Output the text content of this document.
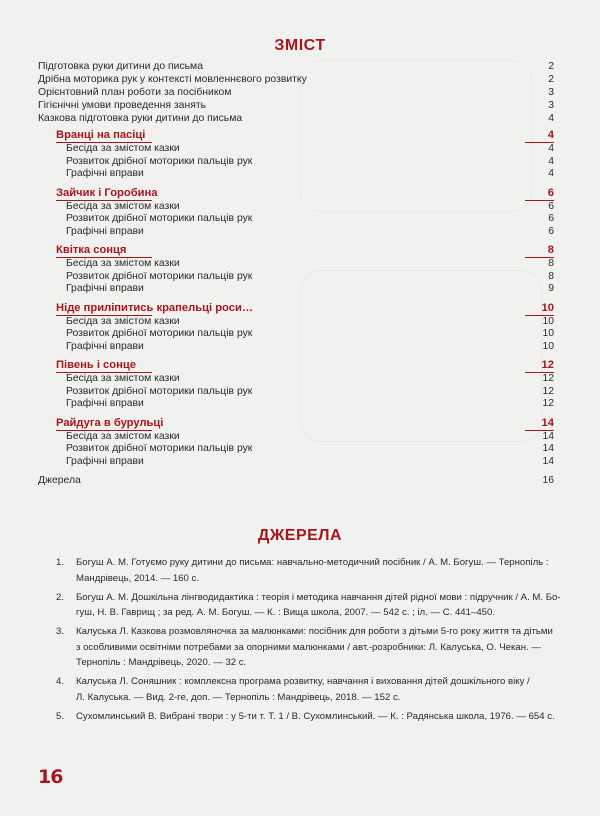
ЗМІСТ
Підготовка руки дитини до письма	2
Дрібна моторика рук у контексті мовленнєвого розвитку	2
Орієнтовний план роботи за посібником	3
Гігієнічні умови проведення занять	3
Казкова підготовка руки дитини до письма	4
Вранці на пасіці	4
Бесіда за змістом казки	4
Розвиток дрібної моторики пальців рук	4
Графічні вправи	4
Зайчик і Горобина	6
Бесіда за змістом казки	6
Розвиток дрібної моторики пальців рук	6
Графічні вправи	6
Квітка сонця	8
Бесіда за змістом казки	8
Розвиток дрібної моторики пальців рук	8
Графічні вправи	9
Ніде приліпитись крапельці роси…	10
Бесіда за змістом казки	10
Розвиток дрібної моторики пальців рук	10
Графічні вправи	10
Півень і сонце	12
Бесіда за змістом казки	12
Розвиток дрібної моторики пальців рук	12
Графічні вправи	12
Райдуга в бурульці	14
Бесіда за змістом казки	14
Розвиток дрібної моторики пальців рук	14
Графічні вправи	14
Джерела	16
ДЖЕРЕЛА
1. Богуш А. М. Готуємо руку дитини до письма: навчально-методичний посібник / А. М. Богуш. — Тернопіль :
Мандрівець, 2014. — 160 с.
2. Богуш А. М. Дошкільна лінгводидактика : теорія і методика навчання дітей рідної мови : підручник / А. М. Бо-
гуш, Н. В. Гаврищ ; за ред. А. М. Богуш. — К. : Вища школа, 2007. — 542 с. ; іл. — С. 441–450.
3. Калуська Л. Казкова розмовляночка за малюнками: посібник для роботи з дітьми 5-го року життя та дітьми
з особливими освітніми потребами за опорними малюнками / авт.-розробники: Л. Калуська, О. Чекан. —
Тернопіль : Мандрівець, 2020. — 32 с.
4. Калуська Л. Соняшник : комплексна програма розвитку, навчання і виховання дітей дошкільного віку /
Л. Калуська. — Вид. 2-ге, доп. — Тернопіль : Мандрівець, 2018. — 152 с.
5. Сухомлинський В. Вибрані твори : у 5-ти т. Т. 1 / В. Сухомлинський. — К. : Радянська школа, 1976. — 654 с.
16
